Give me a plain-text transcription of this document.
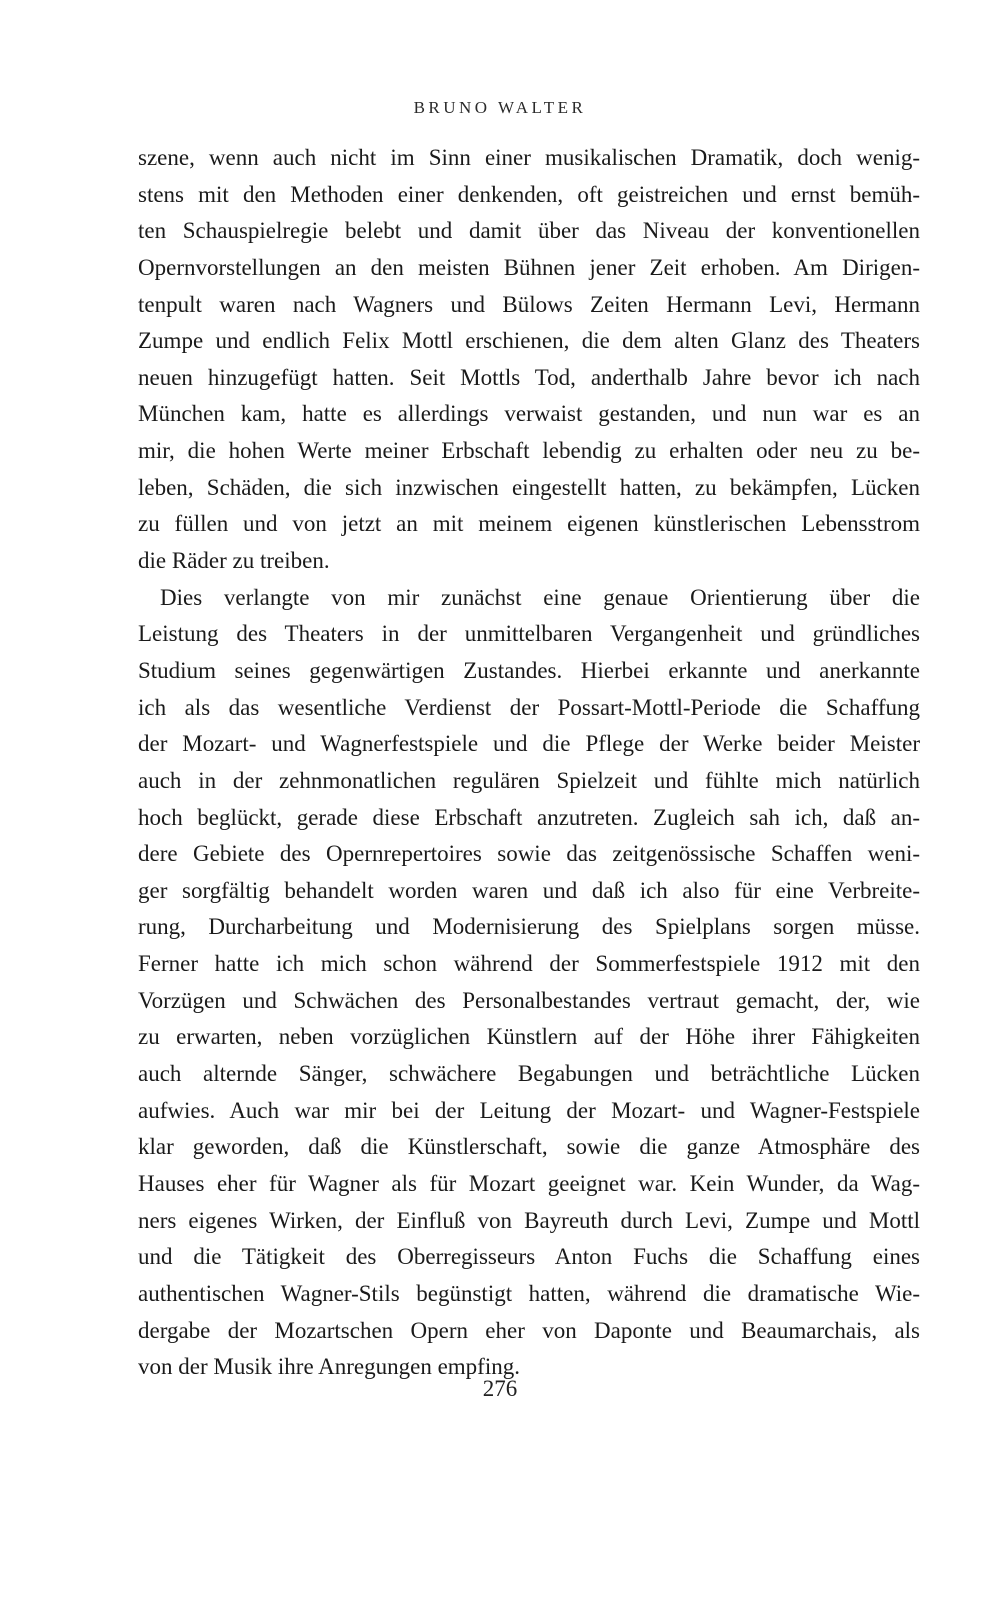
BRUNO WALTER
szene, wenn auch nicht im Sinn einer musikalischen Dramatik, doch wenig-
stens mit den Methoden einer denkenden, oft geistreichen und ernst bemüh-
ten Schauspielregie belebt und damit über das Niveau der konventionellen
Opernvorstellungen an den meisten Bühnen jener Zeit erhoben. Am Dirigen-
tenpult waren nach Wagners und Bülows Zeiten Hermann Levi, Hermann
Zumpe und endlich Felix Mottl erschienen, die dem alten Glanz des Theaters
neuen hinzugefügt hatten. Seit Mottls Tod, anderthalb Jahre bevor ich nach
München kam, hatte es allerdings verwaist gestanden, und nun war es an
mir, die hohen Werte meiner Erbschaft lebendig zu erhalten oder neu zu be-
leben, Schäden, die sich inzwischen eingestellt hatten, zu bekämpfen, Lücken
zu füllen und von jetzt an mit meinem eigenen künstlerischen Lebensstrom
die Räder zu treiben.
Dies verlangte von mir zunächst eine genaue Orientierung über die
Leistung des Theaters in der unmittelbaren Vergangenheit und gründliches
Studium seines gegenwärtigen Zustandes. Hierbei erkannte und anerkannte
ich als das wesentliche Verdienst der Possart-Mottl-Periode die Schaffung
der Mozart- und Wagnerfestspiele und die Pflege der Werke beider Meister
auch in der zehnmonatlichen regulären Spielzeit und fühlte mich natürlich
hoch beglückt, gerade diese Erbschaft anzutreten. Zugleich sah ich, daß an-
dere Gebiete des Opernrepertoires sowie das zeitgenössische Schaffen weni-
ger sorgfältig behandelt worden waren und daß ich also für eine Verbreite-
rung, Durcharbeitung und Modernisierung des Spielplans sorgen müsse.
Ferner hatte ich mich schon während der Sommerfestspiele 1912 mit den
Vorzügen und Schwächen des Personalbestandes vertraut gemacht, der, wie
zu erwarten, neben vorzüglichen Künstlern auf der Höhe ihrer Fähigkeiten
auch alternde Sänger, schwächere Begabungen und beträchtliche Lücken
aufwies. Auch war mir bei der Leitung der Mozart- und Wagner-Festspiele
klar geworden, daß die Künstlerschaft, sowie die ganze Atmosphäre des
Hauses eher für Wagner als für Mozart geeignet war. Kein Wunder, da Wag-
ners eigenes Wirken, der Einfluß von Bayreuth durch Levi, Zumpe und Mottl
und die Tätigkeit des Oberregisseurs Anton Fuchs die Schaffung eines
authentischen Wagner-Stils begünstigt hatten, während die dramatische Wie-
dergabe der Mozartschen Opern eher von Daponte und Beaumarchais, als
von der Musik ihre Anregungen empfing.
276
